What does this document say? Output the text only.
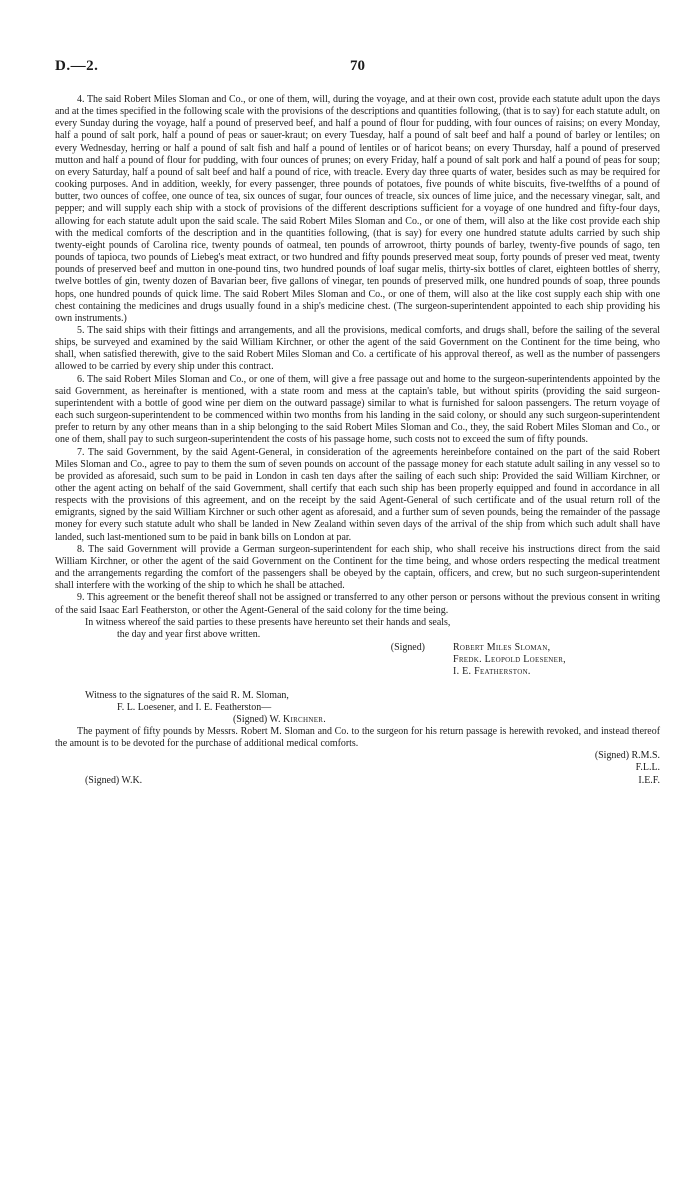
D.—2.	70

4. The said Robert Miles Sloman and Co., or one of them, will, during the voyage, and at their own cost, provide each statute adult upon the days and at the times specified in the following scale with the provisions of the descriptions and quantities following, (that is to say) for each statute adult, on every Sunday during the voyage, half a pound of preserved beef, and half a pound of flour for pudding, with four ounces of raisins; on every Monday, half a pound of salt pork, half a pound of peas or sauer-kraut; on every Tuesday, half a pound of salt beef and half a pound of barley or lentiles; on every Wednesday, herring or half a pound of salt fish and half a pound of lentiles or of haricot beans; on every Thursday, half a pound of preserved mutton and half a pound of flour for pudding, with four ounces of prunes; on every Friday, half a pound of salt pork and half a pound of peas for soup; on every Saturday, half a pound of salt beef and half a pound of rice, with treacle. Every day three quarts of water, besides such as may be required for cooking purposes. And in addition, weekly, for every passenger, three pounds of potatoes, five pounds of white biscuits, five-twelfths of a pound of butter, two ounces of coffee, one ounce of tea, six ounces of sugar, four ounces of treacle, six ounces of lime juice, and the necessary vinegar, salt, and pepper; and will supply each ship with a stock of provisions of the different descriptions sufficient for a voyage of one hundred and fifty-four days, allowing for each statute adult upon the said scale. The said Robert Miles Sloman and Co., or one of them, will also at the like cost provide each ship with the medical comforts of the description and in the quantities following, (that is say) for every one hundred statute adults carried by such ship twenty-eight pounds of Carolina rice, twenty pounds of oatmeal, ten pounds of arrowroot, thirty pounds of barley, twenty-five pounds of sago, ten pounds of tapioca, two pounds of Liebeg's meat extract, or two hundred and fifty pounds preserved meat soup, forty pounds of preser ved meat, twenty pounds of preserved beef and mutton in one-pound tins, two hundred pounds of loaf sugar melis, thirty-six bottles of claret, eighteen bottles of sherry, twelve bottles of gin, twenty dozen of Bavarian beer, five gallons of vinegar, ten pounds of preserved milk, one hundred pounds of soap, three pounds hops, one hundred pounds of quick lime. The said Robert Miles Sloman and Co., or one of them, will also at the like cost supply each ship with one chest containing the medicines and drugs usually found in a ship's medicine chest. (The surgeon-superintendent appointed to each ship providing his own instruments.)

5. The said ships with their fittings and arrangements, and all the provisions, medical comforts, and drugs shall, before the sailing of the several ships, be surveyed and examined by the said William Kirchner, or other the agent of the said Government on the Continent for the time being, who shall, when satisfied therewith, give to the said Robert Miles Sloman and Co. a certificate of his approval thereof, as well as the number of passengers allowed to be carried by every ship under this contract.

6. The said Robert Miles Sloman and Co., or one of them, will give a free passage out and home to the surgeon-superintendents appointed by the said Government, as hereinafter is mentioned, with a state room and mess at the captain's table, but without spirits (providing the said surgeon-superintendent with a bottle of good wine per diem on the outward passage) similar to what is furnished for saloon passengers. The return voyage of each such surgeon-superintendent to be commenced within two months from his landing in the said colony, or should any such surgeon-superintendent prefer to return by any other means than in a ship belonging to the said Robert Miles Sloman and Co., they, the said Robert Miles Sloman and Co., or one of them, shall pay to such surgeon-superintendent the costs of his passage home, such costs not to exceed the sum of fifty pounds.

7. The said Government, by the said Agent-General, in consideration of the agreements hereinbefore contained on the part of the said Robert Miles Sloman and Co., agree to pay to them the sum of seven pounds on account of the passage money for each statute adult sailing in any vessel so to be provided as aforesaid, such sum to be paid in London in cash ten days after the sailing of each such ship: Provided the said William Kirchner, or other the agent acting on behalf of the said Government, shall certify that each such ship has been properly equipped and found in accordance in all respects with the provisions of this agreement, and on the receipt by the said Agent-General of such certificate and of the usual return roll of the emigrants, signed by the said William Kirchner or such other agent as aforesaid, and a further sum of seven pounds, being the remainder of the passage money for every such statute adult who shall be landed in New Zealand within seven days of the arrival of the ship from which such adult shall have landed, such last-mentioned sum to be paid in bank bills on London at par.

8. The said Government will provide a German surgeon-superintendent for each ship, who shall receive his instructions direct from the said William Kirchner, or other the agent of the said Government on the Continent for the time being, and whose orders respecting the medical treatment and the arrangements regarding the comfort of the passengers shall be obeyed by the captain, officers, and crew, but no such surgeon-superintendent shall interfere with the working of the ship to which he shall be attached.

9. This agreement or the benefit thereof shall not be assigned or transferred to any other person or persons without the previous consent in writing of the said Isaac Earl Featherston, or other the Agent-General of the said colony for the time being.

In witness whereof the said parties to these presents have hereunto set their hands and seals,

the day and year first above written.

(Signed)	Robert Miles Sloman,
Fredk. Leopold Loesener,
I. E. Featherston.
Witness to the signatures of the said R. M. Sloman,
F. L. Loesener, and I. E. Featherston—
(Signed) W. Kirchner.

The payment of fifty pounds by Messrs. Robert M. Sloman and Co. to the surgeon for his return passage is herewith revoked, and instead thereof the amount is to be devoted for the purchase of additional medical comforts.

(Signed) R.M.S.
F.L.L.
(Signed) W.K.	I.E.F.
